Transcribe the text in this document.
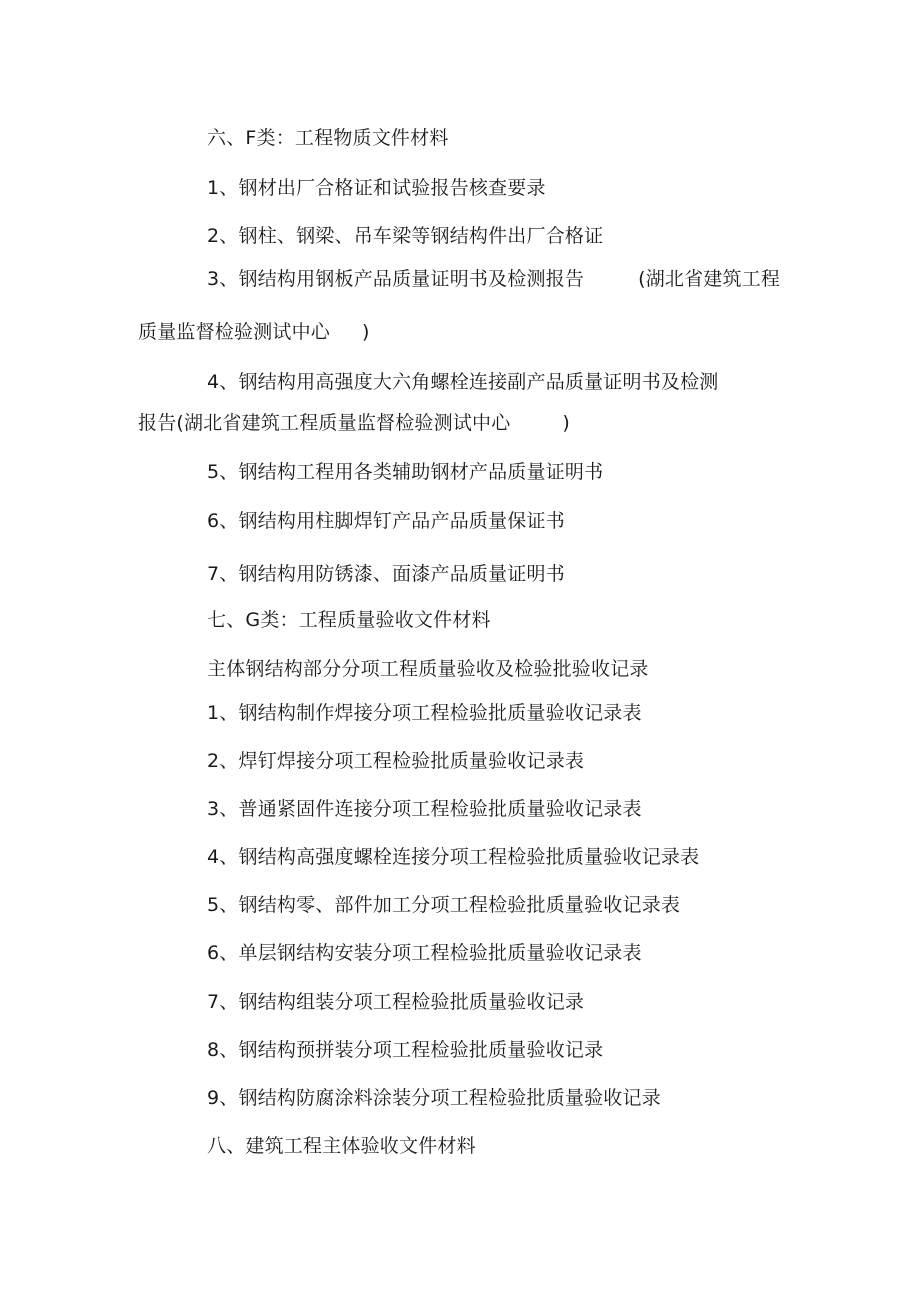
六、F类：工程物质文件材料
1、钢材出厂合格证和试验报告核查要录
2、钢柱、钢梁、吊车梁等钢结构件出厂合格证
3、钢结构用钢板产品质量证明书及检测报告	(湖北省建筑工程
质量监督检验测试中心 )
4、钢结构用高强度大六角螺栓连接副产品质量证明书及检测
报告(湖北省建筑工程质量监督检验测试中心	)
5、钢结构工程用各类辅助钢材产品质量证明书
6、钢结构用柱脚焊钉产品产品质量保证书
7、钢结构用防锈漆、面漆产品质量证明书
七、G类：工程质量验收文件材料
主体钢结构部分分项工程质量验收及检验批验收记录
1、钢结构制作焊接分项工程检验批质量验收记录表
2、焊钉焊接分项工程检验批质量验收记录表
3、普通紧固件连接分项工程检验批质量验收记录表
4、钢结构高强度螺栓连接分项工程检验批质量验收记录表
5、钢结构零、部件加工分项工程检验批质量验收记录表
6、单层钢结构安装分项工程检验批质量验收记录表
7、钢结构组装分项工程检验批质量验收记录
8、钢结构预拼装分项工程检验批质量验收记录
9、钢结构防腐涂料涂装分项工程检验批质量验收记录
八、建筑工程主体验收文件材料
